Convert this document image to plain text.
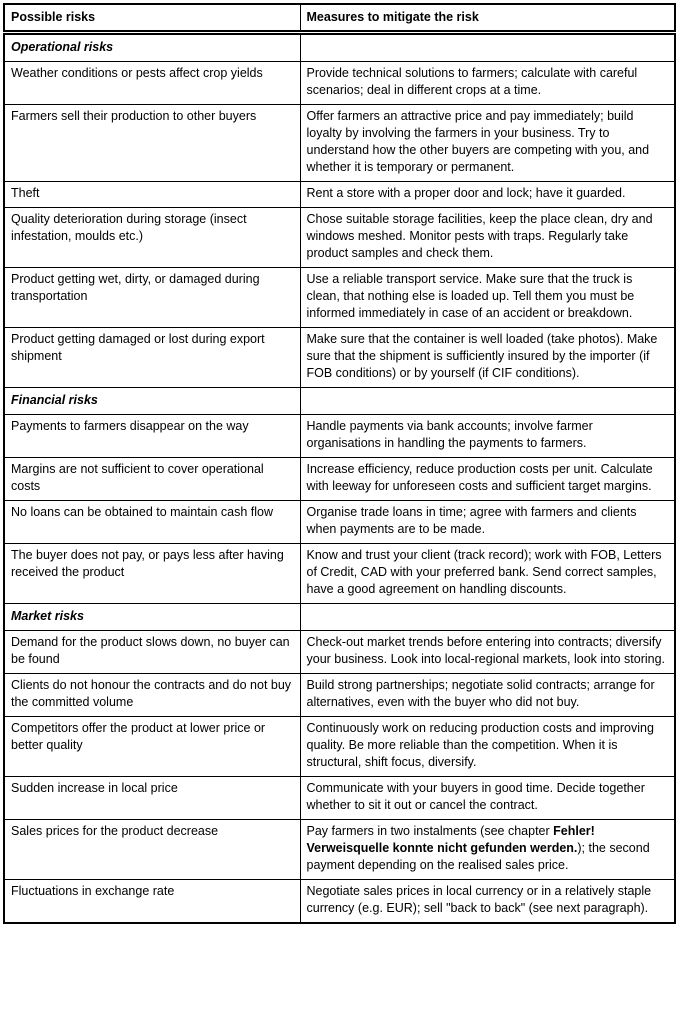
Possible risks	Measures to mitigate the risk
Operational risks	
Weather conditions or pests affect crop yields	Provide technical solutions to farmers; calculate with careful scenarios; deal in different crops at a time.
Farmers sell their production to other buyers	Offer farmers an attractive price and pay immediately; build loyalty by involving the farmers in your business. Try to understand how the other buyers are competing with you, and whether it is temporary or permanent.
Theft	Rent a store with a proper door and lock; have it guarded.
Quality deterioration during storage (insect infestation, moulds etc.)	Chose suitable storage facilities, keep the place clean, dry and windows meshed. Monitor pests with traps. Regularly take product samples and check them.
Product getting wet, dirty, or damaged during transportation	Use a reliable transport service. Make sure that the truck is clean, that nothing else is loaded up. Tell them you must be informed immediately in case of an accident or breakdown.
Product getting damaged or lost during export shipment	Make sure that the container is well loaded (take photos). Make sure that the shipment is sufficiently insured by the importer (if FOB conditions) or by yourself (if CIF conditions).
Financial risks	
Payments to farmers disappear on the way	Handle payments via bank accounts; involve farmer organisations in handling the payments to farmers.
Margins are not sufficient to cover operational costs	Increase efficiency, reduce production costs per unit. Calculate with leeway for unforeseen costs and sufficient target margins.
No loans can be obtained to maintain cash flow	Organise trade loans in time; agree with farmers and clients when payments are to be made.
The buyer does not pay, or pays less after having received the product	Know and trust your client (track record); work with FOB, Letters of Credit, CAD with your preferred bank. Send correct samples, have a good agreement on handling discounts.
Market risks	
Demand for the product slows down, no buyer can be found	Check-out market trends before entering into contracts; diversify your business. Look into local-regional markets, look into storing.
Clients do not honour the contracts and do not buy the committed volume	Build strong partnerships; negotiate solid contracts; arrange for alternatives, even with the buyer who did not buy.
Competitors offer the product at lower price or better quality	Continuously work on reducing production costs and improving quality. Be more reliable than the competition. When it is structural, shift focus, diversify.
Sudden increase in local price	Communicate with your buyers in good time. Decide together whether to sit it out or cancel the contract.
Sales prices for the product decrease	Pay farmers in two instalments (see chapter Fehler! Verweisquelle konnte nicht gefunden werden.); the second payment depending on the realised sales price.
Fluctuations in exchange rate	Negotiate sales prices in local currency or in a relatively staple currency (e.g. EUR); sell "back to back" (see next paragraph).
